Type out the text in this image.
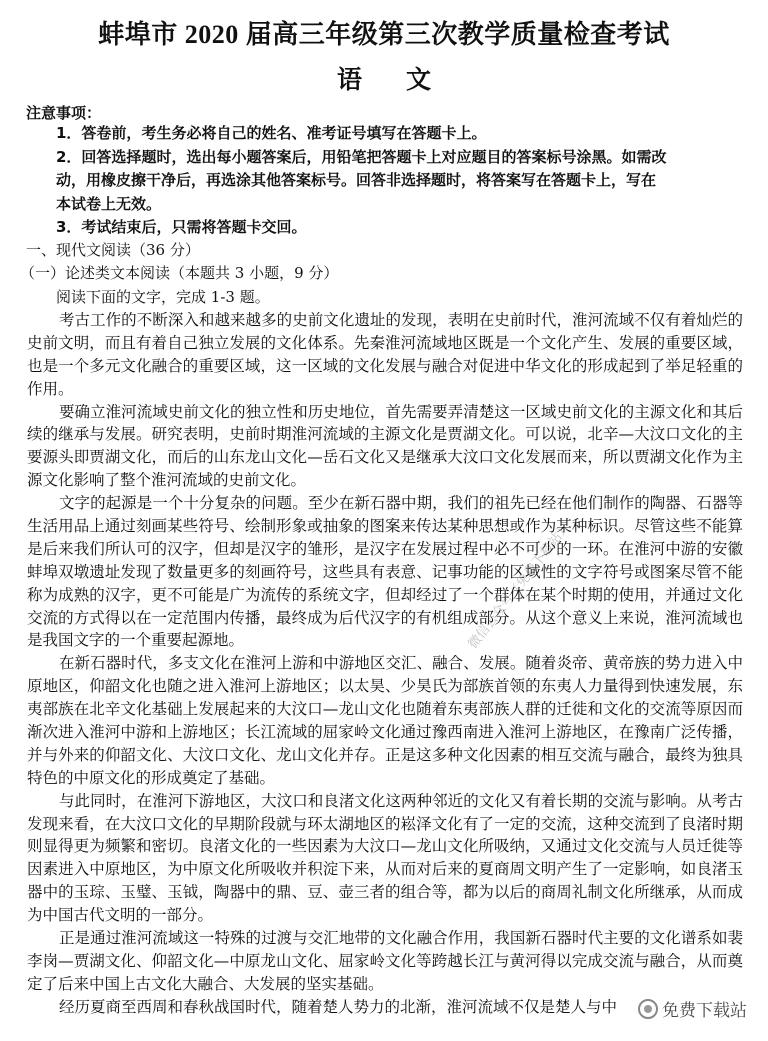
蚌埠市 2020 届高三年级第三次教学质量检查考试
语 文
注意事项：
1．答卷前，考生务必将自己的姓名、准考证号填写在答题卡上。
2．回答选择题时，选出每小题答案后，用铅笔把答题卡上对应题目的答案标号涂黑。如需改
动，用橡皮擦干净后，再选涂其他答案标号。回答非选择题时，将答案写在答题卡上，写在
本试卷上无效。
3．考试结束后，只需将答题卡交回。
一、现代文阅读（36 分）
（一）论述类文本阅读（本题共 3 小题，9 分）
阅读下面的文字，完成 1-3 题。
考古工作的不断深入和越来越多的史前文化遗址的发现，表明在史前时代，淮河流域不仅有着灿烂的
史前文明，而且有着自己独立发展的文化体系。先秦淮河流域地区既是一个文化产生、发展的重要区域，
也是一个多元文化融合的重要区域，这一区域的文化发展与融合对促进中华文化的形成起到了举足轻重的
作用。
要确立淮河流域史前文化的独立性和历史地位，首先需要弄清楚这一区域史前文化的主源文化和其后
续的继承与发展。研究表明，史前时期淮河流域的主源文化是贾湖文化。可以说，北辛—大汶口文化的主
要源头即贾湖文化，而后的山东龙山文化—岳石文化又是继承大汶口文化发展而来，所以贾湖文化作为主
源文化影响了整个淮河流域的史前文化。
文字的起源是一个十分复杂的问题。至少在新石器中期，我们的祖先已经在他们制作的陶器、石器等
生活用品上通过刻画某些符号、绘制形象或抽象的图案来传达某种思想或作为某种标识。尽管这些不能算
是后来我们所认可的汉字，但却是汉字的雏形，是汉字在发展过程中必不可少的一环。在淮河中游的安徽
蚌埠双墩遗址发现了数量更多的刻画符号，这些具有表意、记事功能的区域性的文字符号或图案尽管不能
称为成熟的汉字，更不可能是广为流传的系统文字，但却经过了一个群体在某个时期的使用，并通过文化
交流的方式得以在一定范围内传播，最终成为后代汉字的有机组成部分。从这个意义上来说，淮河流域也
是我国文字的一个重要起源地。
在新石器时代，多支文化在淮河上游和中游地区交汇、融合、发展。随着炎帝、黄帝族的势力进入中
原地区，仰韶文化也随之进入淮河上游地区；以太昊、少昊氏为部族首领的东夷人力量得到快速发展，东
夷部族在北辛文化基础上发展起来的大汶口—龙山文化也随着东夷部族人群的迁徙和文化的交流等原因而
渐次进入淮河中游和上游地区；长江流域的屈家岭文化通过豫西南进入淮河上游地区，在豫南广泛传播，
并与外来的仰韶文化、大汶口文化、龙山文化并存。正是这多种文化因素的相互交流与融合，最终为独具
特色的中原文化的形成奠定了基础。
与此同时，在淮河下游地区，大汶口和良渚文化这两种邻近的文化又有着长期的交流与影响。从考古
发现来看，在大汶口文化的早期阶段就与环太湖地区的崧泽文化有了一定的交流，这种交流到了良渚时期
则显得更为频繁和密切。良渚文化的一些因素为大汶口—龙山文化所吸纳，又通过文化交流与人员迁徙等
因素进入中原地区，为中原文化所吸收并积淀下来，从而对后来的夏商周文明产生了一定影响，如良渚玉
器中的玉琮、玉璧、玉钺，陶器中的鼎、豆、壶三者的组合等，都为以后的商周礼制文化所继承，从而成
为中国古代文明的一部分。
正是通过淮河流域这一特殊的过渡与交汇地带的文化融合作用，我国新石器时代主要的文化谱系如裴
李岗—贾湖文化、仰韶文化—中原龙山文化、屈家岭文化等跨越长江与黄河得以完成交流与融合，从而奠
定了后来中国上古文化大融合、大发展的坚实基础。
经历夏商至西周和春秋战国时代，随着楚人势力的北渐，淮河流域不仅是楚人与中
微信公众号（免费下载站）
免费下载站
